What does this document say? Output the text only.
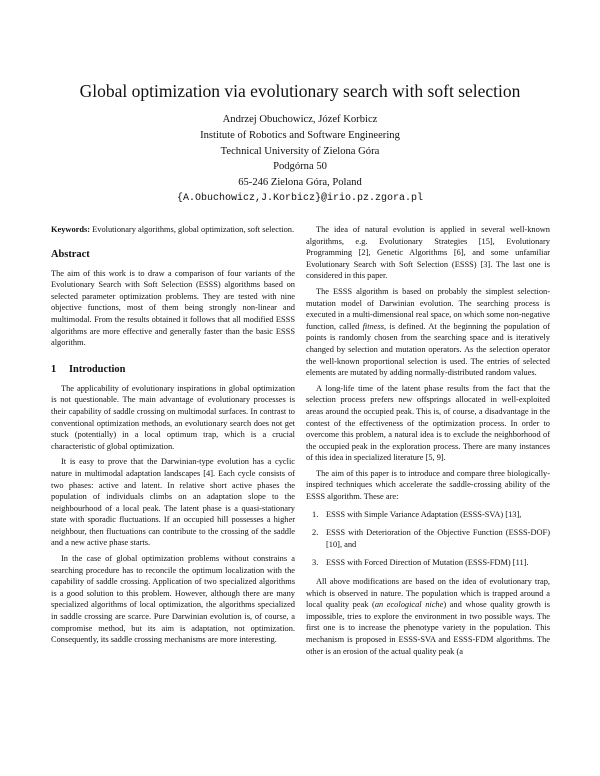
Global optimization via evolutionary search with soft selection
Andrzej Obuchowicz, Józef Korbicz
Institute of Robotics and Software Engineering
Technical University of Zielona Góra
Podgórna 50
65-246 Zielona Góra, Poland
{A.Obuchowicz,J.Korbicz}@irio.pz.zgora.pl

Keywords: Evolutionary algorithms, global optimization, soft selection.

Abstract

The aim of this work is to draw a comparison of four variants of the Evolutionary Search with Soft Selection (ESSS) algorithms based on selected parameter optimization problems. They are tested with nine objective functions, most of them being strongly non-linear and multimodal. From the results obtained it follows that all modified ESSS algorithms are more effective and generally faster than the basic ESSS algorithm.

1 Introduction

The applicability of evolutionary inspirations in global optimization is not questionable. The main advantage of evolutionary processes is their capability of saddle crossing on multimodal surfaces. In contrast to conventional optimization methods, an evolutionary search does not get stuck (potentially) in a local optimum trap, which is a crucial characteristic of global optimization.

It is easy to prove that the Darwinian-type evolution has a cyclic nature in multimodal adaptation landscapes [4]. Each cycle consists of two phases: active and latent. In relative short active phases the population of individuals climbs on an adaptation slope to the neighbourhood of a local peak. The latent phase is a quasi-stationary state with sporadic fluctuations. If an occupied hill possesses a higher neighbour, then fluctuations can contribute to the crossing of the saddle and a new active phase starts.

In the case of global optimization problems without constrains a searching procedure has to reconcile the optimum localization with the capability of saddle crossing. Application of two specialized algorithms is a good solution to this problem. However, although there are many specialized algorithms of local optimization, the algorithms specialized in saddle crossing are scarce. Pure Darwinian evolution is, of course, a compromise method, but its aim is adaptation, not optimization. Consequently, its saddle crossing mechanisms are more interesting.

The idea of natural evolution is applied in several well-known algorithms, e.g. Evolutionary Strategies [15], Evolutionary Programming [2], Genetic Algorithms [6], and some unfamiliar Evolutionary Search with Soft Selection (ESSS) [3]. The last one is considered in this paper.

The ESSS algorithm is based on probably the simplest selection-mutation model of Darwinian evolution. The searching process is executed in a multi-dimensional real space, on which some non-negative function, called fitness, is defined. At the beginning the population of points is randomly chosen from the searching space and is iteratively changed by selection and mutation operators. As the selection operator the well-known proportional selection is used. The entries of selected elements are mutated by adding normally-distributed random values.

A long-life time of the latent phase results from the fact that the selection process prefers new offsprings allocated in well-exploited areas around the occupied peak. This is, of course, a disadvantage in the contest of the effectiveness of the optimization process. In order to overcome this problem, a natural idea is to exclude the neighborhood of the occupied peak in the exploration process. There are many instances of this idea in specialized literature [5, 9].

The aim of this paper is to introduce and compare three biologically-inspired techniques which accelerate the saddle-crossing ability of the ESSS algorithm. These are:

1. ESSS with Simple Variance Adaptation (ESSS-SVA) [13],
2. ESSS with Deterioration of the Objective Function (ESSS-DOF) [10], and
3. ESSS with Forced Direction of Mutation (ESSS-FDM) [11].

All above modifications are based on the idea of evolutionary trap, which is observed in nature. The population which is trapped around a local quality peak (an ecological niche) and whose quality growth is impossible, tries to explore the environment in two possible ways. The first one is to increase the phenotype variety in the population. This mechanism is proposed in ESSS-SVA and ESSS-FDM algorithms. The other is an erosion of the actual quality peak (a
